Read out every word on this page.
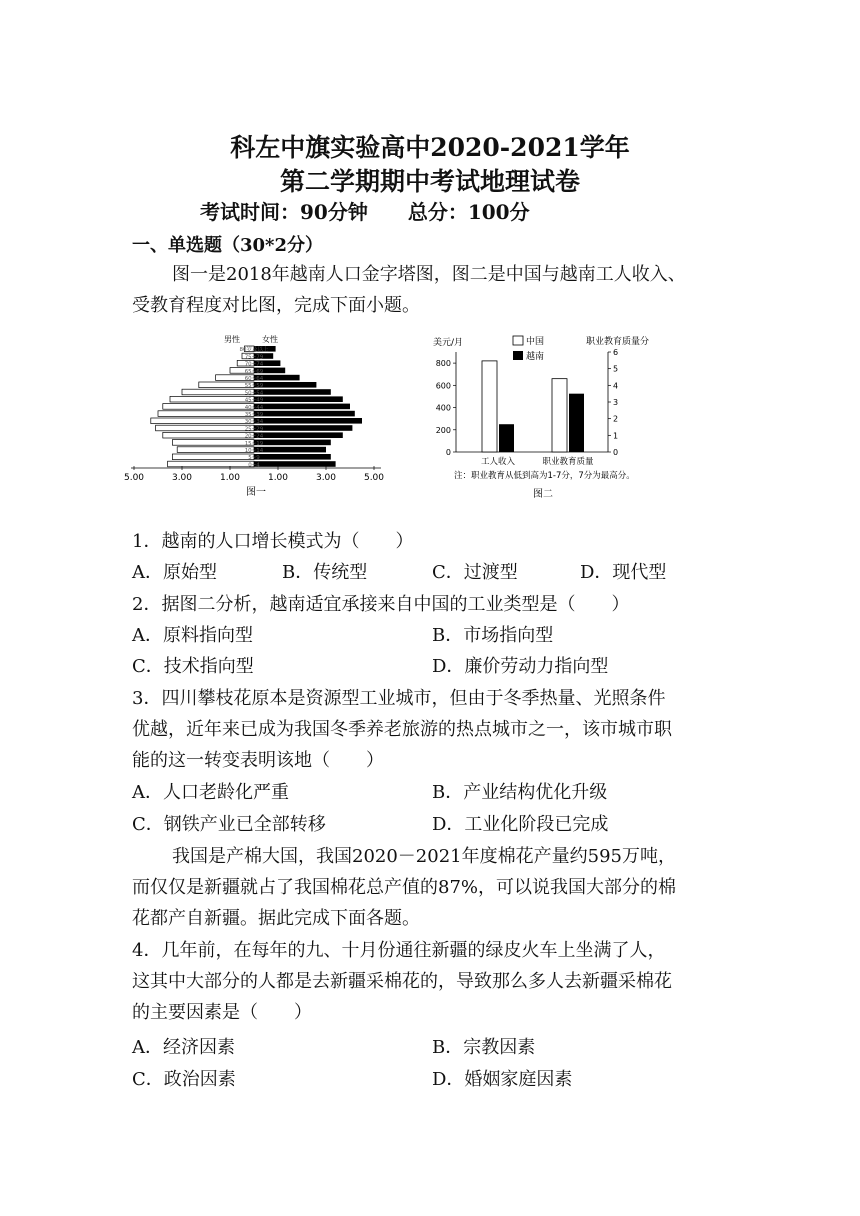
科左中旗实验高中2020-2021学年
第二学期期中考试地理试卷
考试时间：90分钟　　总分：100分
一、单选题（30*2分）
图一是2018年越南人口金字塔图，图二是中国与越南工人收入、
受教育程度对比图，完成下面小题。
男性	女性
80岁及以上
75~79
70~74
65~69
60~64
55~59
50~54
45~49
40~44
35~39
30~34
25~29
20~24
15~19
10~14
5~9
0~4
5.00	3.00	1.00	1.00	3.00	5.00
图一
美元/月	职业教育质量分
中国
越南
0
200
400
600
800
0
1
2
3
4
5
6
工人收入	职业教育质量
注：职业教育从低到高为1-7分，7分为最高分。
图二
1．越南的人口增长模式为（　　）
A．原始型	B．传统型	C．过渡型	D．现代型
2．据图二分析，越南适宜承接来自中国的工业类型是（　　）
A．原料指向型	B．市场指向型
C．技术指向型	D．廉价劳动力指向型
3．四川攀枝花原本是资源型工业城市，但由于冬季热量、光照条件
优越，近年来已成为我国冬季养老旅游的热点城市之一，该市城市职
能的这一转变表明该地（　　）
A．人口老龄化严重	B．产业结构优化升级
C．钢铁产业已全部转移	D．工业化阶段已完成
我国是产棉大国，我国2020－2021年度棉花产量约595万吨，
而仅仅是新疆就占了我国棉花总产值的87%，可以说我国大部分的棉
花都产自新疆。据此完成下面各题。
4．几年前，在每年的九、十月份通往新疆的绿皮火车上坐满了人，
这其中大部分的人都是去新疆采棉花的，导致那么多人去新疆采棉花
的主要因素是（　　）
A．经济因素	B．宗教因素
C．政治因素	D．婚姻家庭因素
